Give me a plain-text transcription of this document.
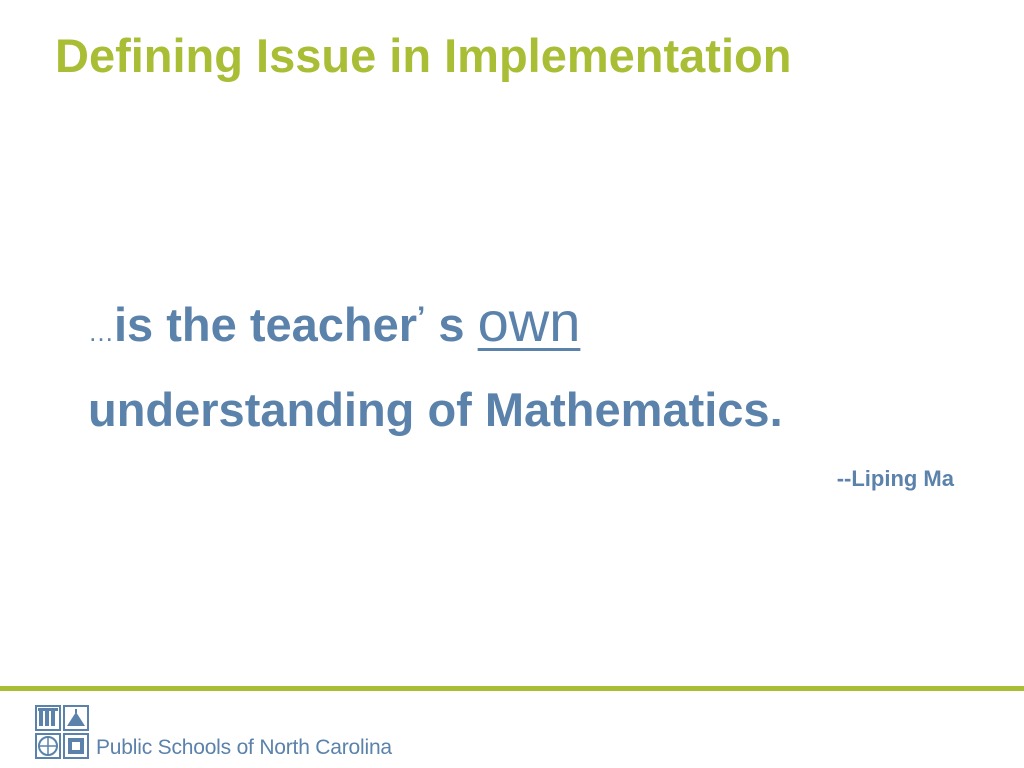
Defining Issue in Implementation
…is the teacher’ s own
understanding of Mathematics.
--Liping Ma
Public Schools of North Carolina
